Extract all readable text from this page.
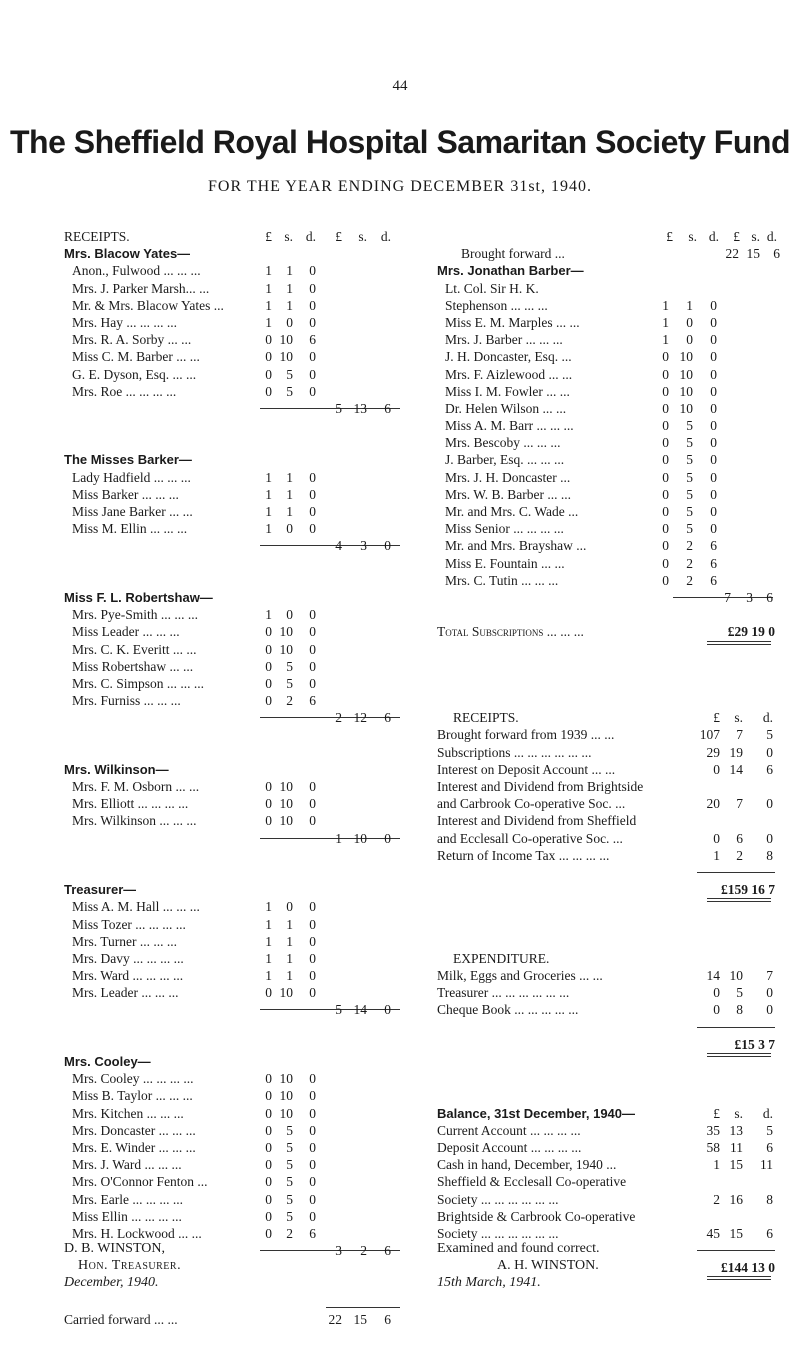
44
The Sheffield Royal Hospital Samaritan Society Fund
FOR THE YEAR ENDING DECEMBER 31st, 1940.
RECEIPTS.	£ s. d.	£	s.	d.
Mrs. Blacow Yates—
Anon., Fulwood ... ... ...	1	1	0
Mrs. J. Parker Marsh... ...	1	1	0
Mr. & Mrs. Blacow Yates ...	1	1	0
Mrs. Hay ... ... ... ...	1	0	0
Mrs. R. A. Sorby ... ...	0 10	6
Miss C. M. Barber ... ...	0 10	0
G. E. Dyson, Esq. ... ...	0	5	0
Mrs. Roe ... ... ... ...	0	5	0
5 13	6
The Misses Barker—
Lady Hadfield ... ... ...	1	1	0
Miss Barker ... ... ...	1	1	0
Miss Jane Barker ... ...	1	1	0
Miss M. Ellin ... ... ...	1	0	0
4	3	0
Miss F. L. Robertshaw—
Mrs. Pye-Smith ... ... ...	1	0	0
Miss Leader ... ... ...	0 10	0
Mrs. C. K. Everitt ... ...	0 10	0
Miss Robertshaw ... ...	0	5	0
Mrs. C. Simpson ... ... ...	0	5	0
Mrs. Furniss ... ... ...	0	2	6
2 12	6
Mrs. Wilkinson—
Mrs. F. M. Osborn ... ...	0 10	0
Mrs. Elliott ... ... ... ...	0 10	0
Mrs. Wilkinson ... ... ...	0 10	0
1 10	0
Treasurer—
Miss A. M. Hall ... ... ...	1	0	0
Miss Tozer ... ... ... ...	1	1	0
Mrs. Turner ... ... ...	1	1	0
Mrs. Davy ... ... ... ...	1	1	0
Mrs. Ward ... ... ... ...	1	1	0
Mrs. Leader ... ... ...	0 10	0
5 14	0
Mrs. Cooley—
Mrs. Cooley ... ... ... ...	0 10	0
Miss B. Taylor ... ... ...	0 10	0
Mrs. Kitchen ... ... ...	0 10	0
Mrs. Doncaster ... ... ...	0	5	0
Mrs. E. Winder ... ... ...	0	5	0
Mrs. J. Ward ... ... ...	0	5	0
Mrs. O'Connor Fenton ...	0	5	0
Mrs. Earle ... ... ... ...	0	5	0
Miss Ellin ... ... ... ...	0	5	0
Mrs. H. Lockwood ... ...	0	2	6
3	2	6
Carried forward ... ...	22 15	6
£	s. d.	£ s. d.
Brought forward ...	22 15 6
Mrs. Jonathan Barber—
Lt. Col. Sir H. K.
Stephenson ... ... ...	1	1	0
Miss E. M. Marples ... ...	1	0	0
Mrs. J. Barber ... ... ...	1	0	0
J. H. Doncaster, Esq. ...	0 10	0
Mrs. F. Aizlewood ... ...	0 10	0
Miss I. M. Fowler ... ...	0 10	0
Dr. Helen Wilson ... ...	0 10	0
Miss A. M. Barr ... ... ...	0	5	0
Mrs. Bescoby ... ... ...	0	5	0
J. Barber, Esq. ... ... ...	0	5	0
Mrs. J. H. Doncaster ...	0	5	0
Mrs. W. B. Barber ... ...	0	5	0
Mr. and Mrs. C. Wade ...	0	5	0
Miss Senior ... ... ... ...	0	5	0
Mr. and Mrs. Brayshaw ...	0	2	6
Miss E. Fountain ... ...	0	2	6
Mrs. C. Tutin ... ... ...	0	2	6
7	3 6
Total Subscriptions ... ... ...	£29 19 0
RECEIPTS.	£	s.	d.
Brought forward from 1939 ... ...	107	7	5
Subscriptions ... ... ... ... ... ...	29 19	0
Interest on Deposit Account ... ...	0 14	6
Interest and Dividend from Brightside
and Carbrook Co-operative Soc. ...	20	7	0
Interest and Dividend from Sheffield
and Ecclesall Co-operative Soc. ...	0	6	0
Return of Income Tax ... ... ... ...	1	2	8
£159 16 7
EXPENDITURE.
Milk, Eggs and Groceries ... ...	14 10	7
Treasurer ... ... ... ... ... ...	0	5	0
Cheque Book ... ... ... ... ...	0	8	0
£15 3 7
Balance, 31st December, 1940—	£	s.	d.
Current Account ... ... ... ...	35 13	5
Deposit Account ... ... ... ...	58 11	6
Cash in hand, December, 1940 ...	1 15 11
Sheffield & Ecclesall Co-operative
Society ... ... ... ... ... ...	2 16	8
Brightside & Carbrook Co-operative
Society ... ... ... ... ... ...	45 15	6
£144 13 0
D. B. WINSTON,
Hon. Treasurer.
December, 1940.
Examined and found correct.
A. H. WINSTON.
15th March, 1941.
